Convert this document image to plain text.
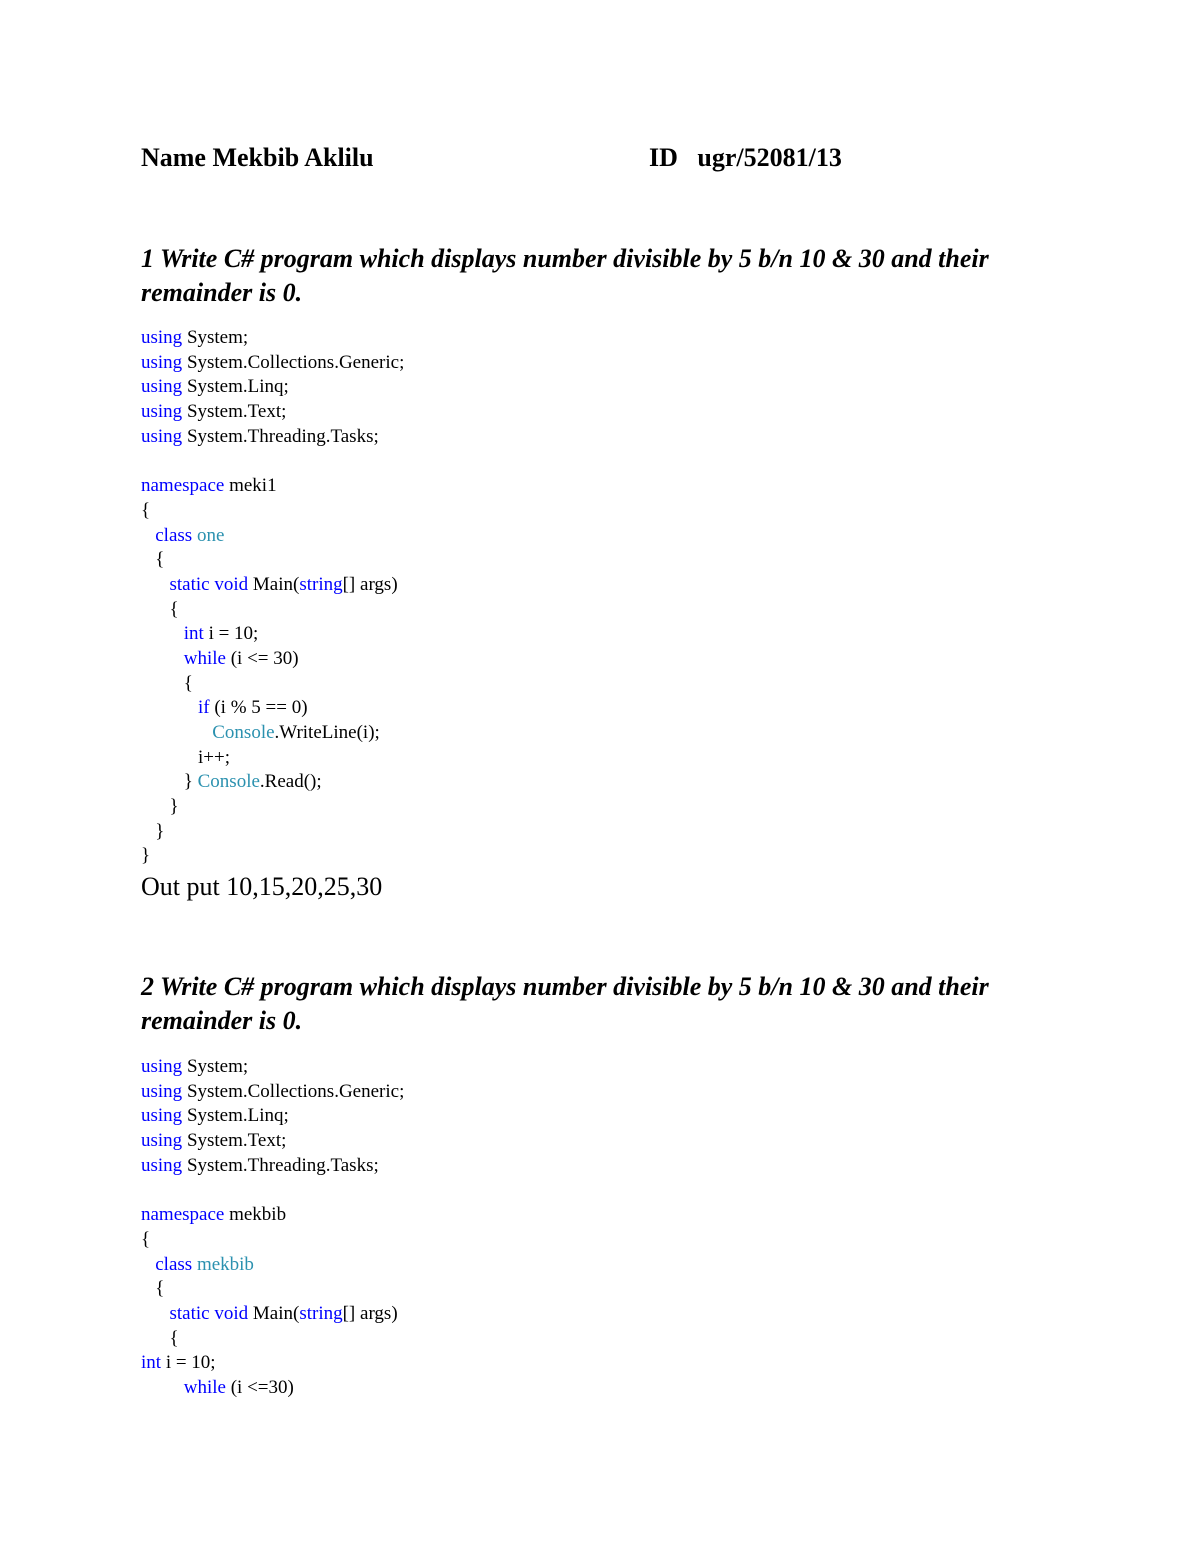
Name Mekbib Aklilu	ID   ugr/52081/13
1 Write C# program which displays number divisible by 5 b/n 10 & 30 and their remainder is 0.
using System;
using System.Collections.Generic;
using System.Linq;
using System.Text;
using System.Threading.Tasks;

namespace meki1
{
class one
{
static void Main(string[] args)
{
int i = 10;
while (i <= 30)
{
if (i % 5 == 0)
Console.WriteLine(i);
i++;
} Console.Read();
}
}
}
Out put 10,15,20,25,30
2 Write C# program which displays number divisible by 5 b/n 10 & 30 and their remainder is 0.
using System;
using System.Collections.Generic;
using System.Linq;
using System.Text;
using System.Threading.Tasks;

namespace mekbib
{
class mekbib
{
static void Main(string[] args)
{
int i = 10;
while (i <=30)
